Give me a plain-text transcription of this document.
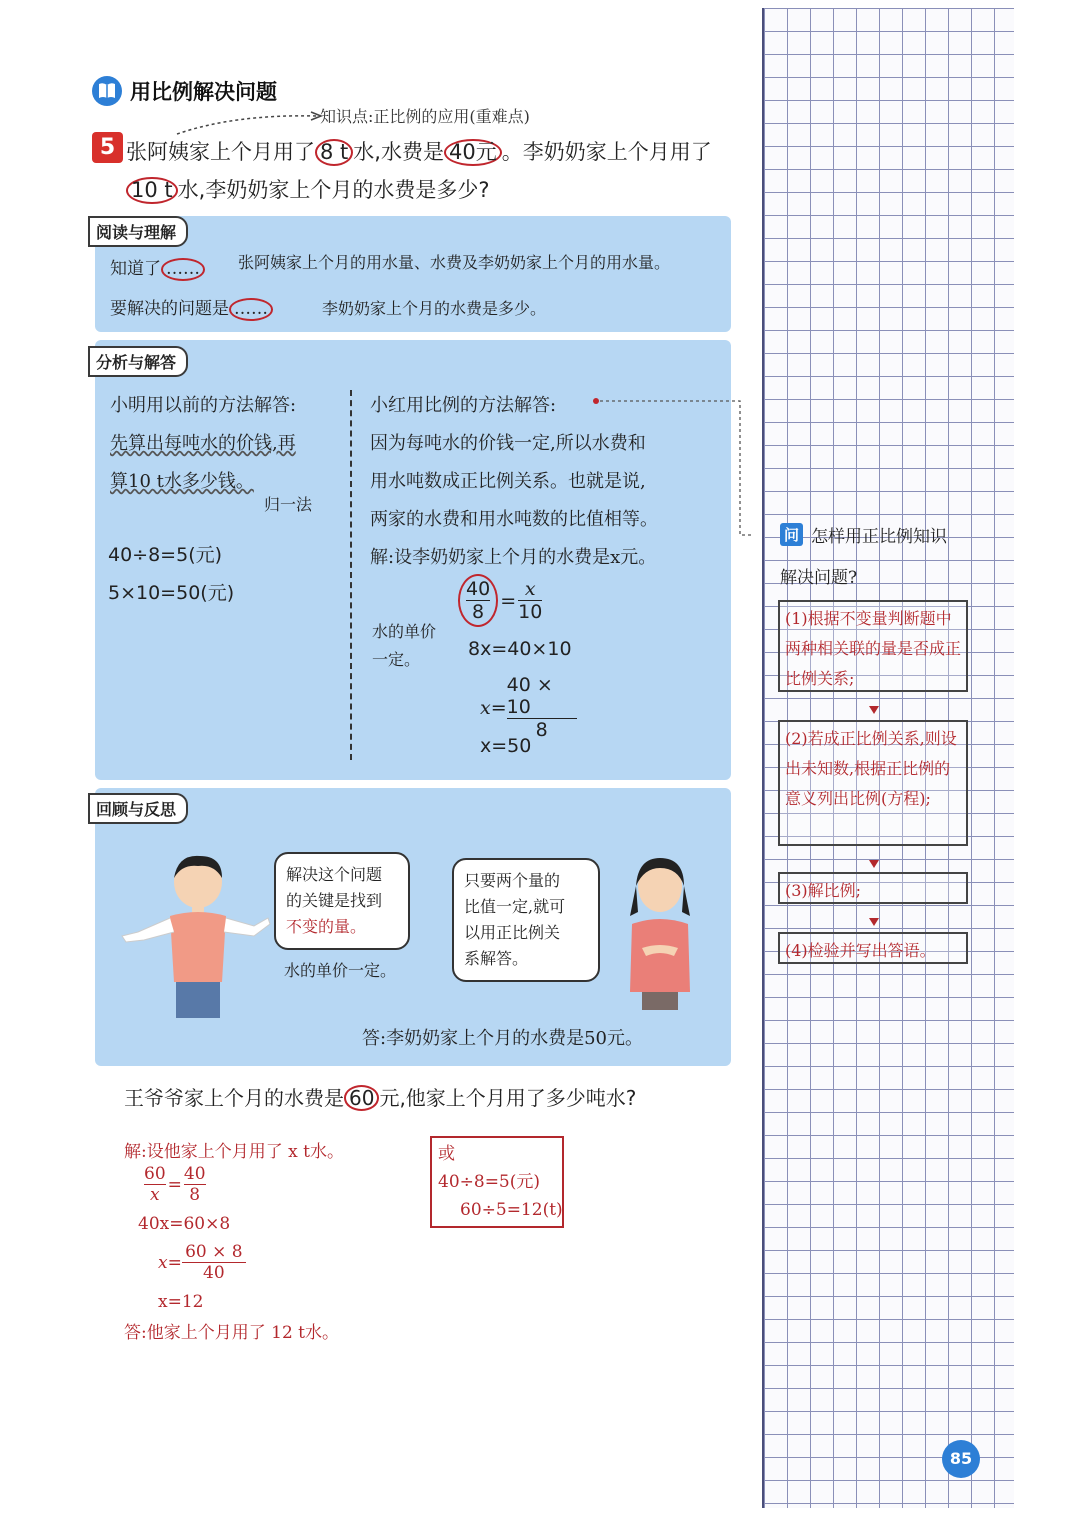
用比例解决问题
知识点:正比例的应用(重难点)
5 张阿姨家上个月用了 8 t 水,水费是 40元 。李奶奶家上个月用了
10 t 水,李奶奶家上个月的水费是多少?
阅读与理解
知道了 ……	张阿姨家上个月的用水量、水费及李奶奶家上个月的用水量。
要解决的问题是 ……	李奶奶家上个月的水费是多少。
分析与解答
小明用以前的方法解答:
先算出每吨水的价钱,再
算10 t水多少钱。
归一法
40÷8=5(元)
5×10=50(元)
小红用比例的方法解答:
因为每吨水的价钱一定,所以水费和
用水吨数成正比例关系。也就是说,
两家的水费和用水吨数的比值相等。
解:设李奶奶家上个月的水费是x元。
$\frac{40}{8} = \frac{x}{10}$
水的单价
一定。	8x=40×10
$x= \frac{40 \times 10}{8}$
x=50
回顾与反思
解决这个问题
的关键是找到
不变的量。
水的单价一定。
只要两个量的
比值一定,就可
以用正比例关
系解答。
答:李奶奶家上个月的水费是50元。
王爷爷家上个月的水费是 60 元,他家上个月用了多少吨水?
解:设他家上个月用了 x t水。
$\frac{60}{x} = \frac{40}{8}$
40x=60×8
$x= \frac{60 \times 8}{40}$
x=12
答:他家上个月用了 12 t水。
或 40÷8=5(元)
60÷5=12(t)
问 怎样用正比例知识
解决问题?
(1)根据不变量判断题中两种相关联的量是否成正比例关系;
(2)若成正比例关系,则设出未知数,根据正比例的意义列出比例(方程);
(3)解比例;
(4)检验并写出答语。
85
